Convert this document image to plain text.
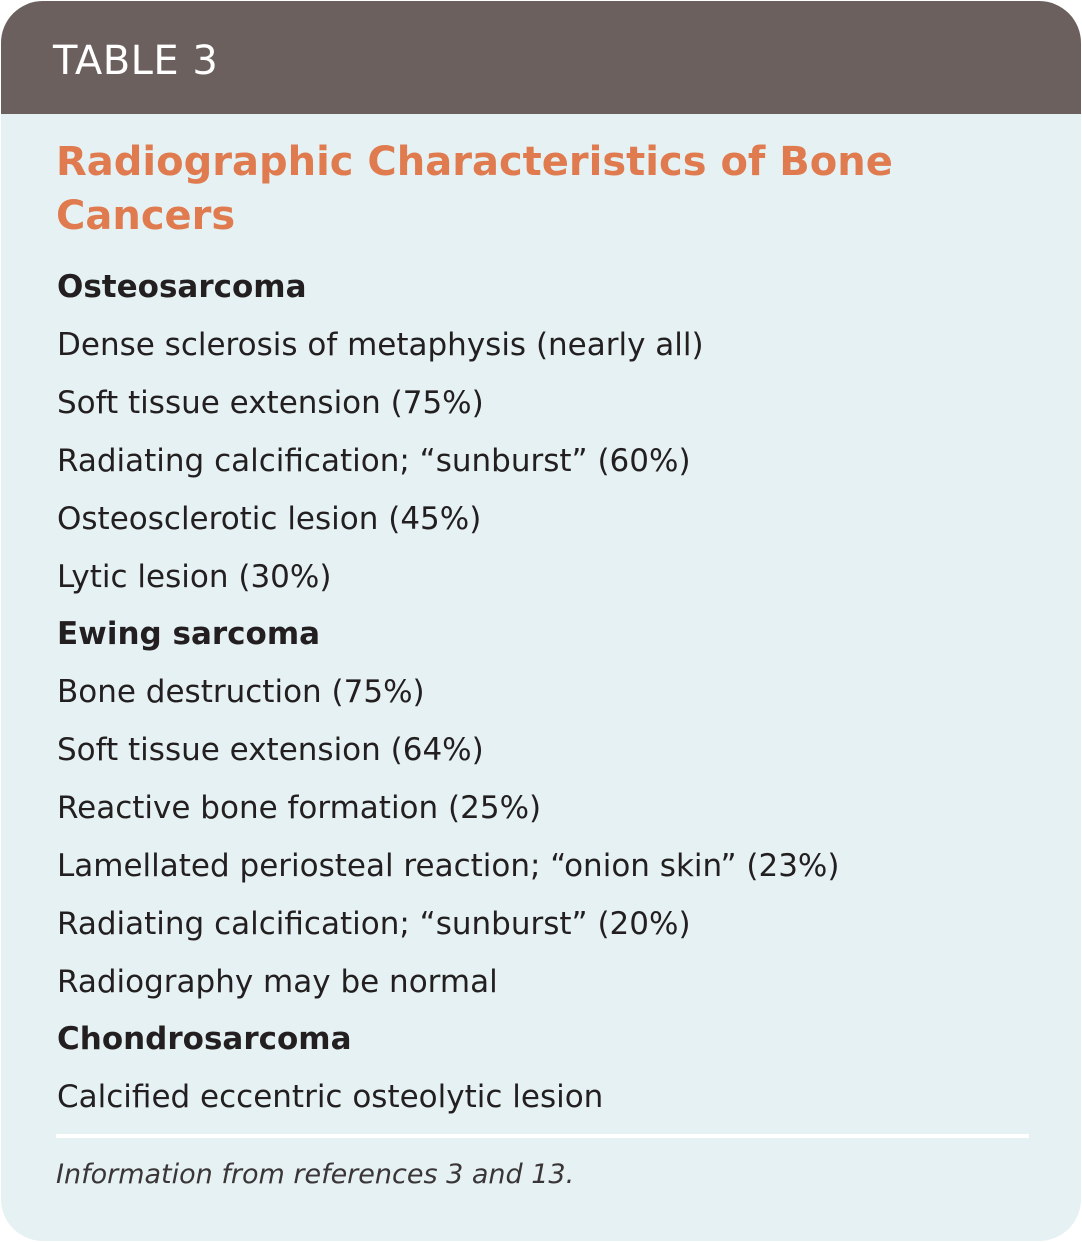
TABLE 3
Radiographic Characteristics of Bone Cancers
Osteosarcoma
Dense sclerosis of metaphysis (nearly all)
Soft tissue extension (75%)
Radiating calcification; “sunburst” (60%)
Osteosclerotic lesion (45%)
Lytic lesion (30%)
Ewing sarcoma
Bone destruction (75%)
Soft tissue extension (64%)
Reactive bone formation (25%)
Lamellated periosteal reaction; “onion skin” (23%)
Radiating calcification; “sunburst” (20%)
Radiography may be normal
Chondrosarcoma
Calcified eccentric osteolytic lesion
Information from references 3 and 13.
